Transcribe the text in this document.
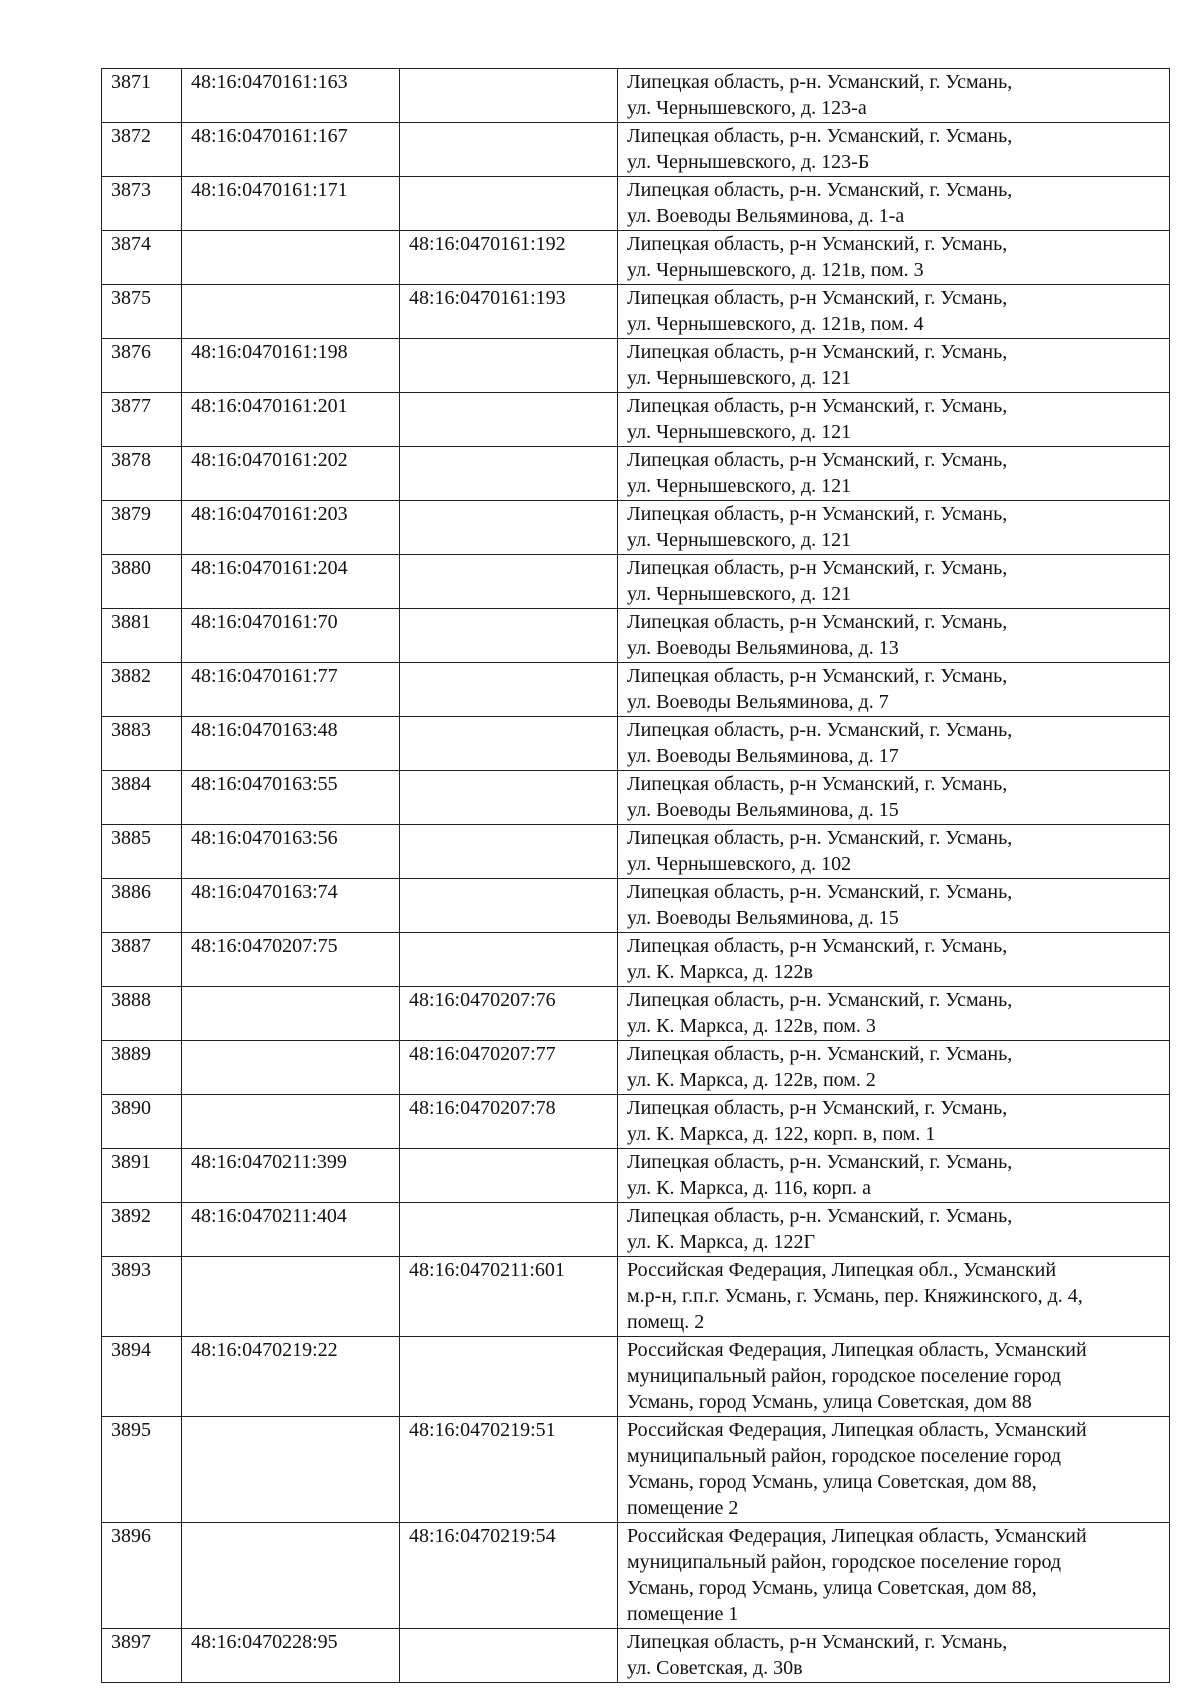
3871	48:16:0470161:163		Липецкая область, р-н. Усманский, г. Усмань,
ул. Чернышевского, д. 123-а
3872	48:16:0470161:167		Липецкая область, р-н. Усманский, г. Усмань,
ул. Чернышевского, д. 123-Б
3873	48:16:0470161:171		Липецкая область, р-н. Усманский, г. Усмань,
ул. Воеводы Вельяминова, д. 1-а
3874		48:16:0470161:192	Липецкая область, р-н Усманский, г. Усмань,
ул. Чернышевского, д. 121в, пом. 3
3875		48:16:0470161:193	Липецкая область, р-н Усманский, г. Усмань,
ул. Чернышевского, д. 121в, пом. 4
3876	48:16:0470161:198		Липецкая область, р-н Усманский, г. Усмань,
ул. Чернышевского, д. 121
3877	48:16:0470161:201		Липецкая область, р-н Усманский, г. Усмань,
ул. Чернышевского, д. 121
3878	48:16:0470161:202		Липецкая область, р-н Усманский, г. Усмань,
ул. Чернышевского, д. 121
3879	48:16:0470161:203		Липецкая область, р-н Усманский, г. Усмань,
ул. Чернышевского, д. 121
3880	48:16:0470161:204		Липецкая область, р-н Усманский, г. Усмань,
ул. Чернышевского, д. 121
3881	48:16:0470161:70		Липецкая область, р-н Усманский, г. Усмань,
ул. Воеводы Вельяминова, д. 13
3882	48:16:0470161:77		Липецкая область, р-н Усманский, г. Усмань,
ул. Воеводы Вельяминова, д. 7
3883	48:16:0470163:48		Липецкая область, р-н. Усманский, г. Усмань,
ул. Воеводы Вельяминова, д. 17
3884	48:16:0470163:55		Липецкая область, р-н Усманский, г. Усмань,
ул. Воеводы Вельяминова, д. 15
3885	48:16:0470163:56		Липецкая область, р-н. Усманский, г. Усмань,
ул. Чернышевского, д. 102
3886	48:16:0470163:74		Липецкая область, р-н. Усманский, г. Усмань,
ул. Воеводы Вельяминова, д. 15
3887	48:16:0470207:75		Липецкая область, р-н Усманский, г. Усмань,
ул. К. Маркса, д. 122в
3888		48:16:0470207:76	Липецкая область, р-н. Усманский, г. Усмань,
ул. К. Маркса, д. 122в, пом. 3
3889		48:16:0470207:77	Липецкая область, р-н. Усманский, г. Усмань,
ул. К. Маркса, д. 122в, пом. 2
3890		48:16:0470207:78	Липецкая область, р-н Усманский, г. Усмань,
ул. К. Маркса, д. 122, корп. в, пом. 1
3891	48:16:0470211:399		Липецкая область, р-н. Усманский, г. Усмань,
ул. К. Маркса, д. 116, корп. а
3892	48:16:0470211:404		Липецкая область, р-н. Усманский, г. Усмань,
ул. К. Маркса, д. 122Г
3893		48:16:0470211:601	Российская Федерация, Липецкая обл., Усманский
м.р-н, г.п.г. Усмань, г. Усмань, пер. Княжинского, д. 4,
помещ. 2
3894	48:16:0470219:22		Российская Федерация, Липецкая область, Усманский
муниципальный район, городское поселение город
Усмань, город Усмань, улица Советская, дом 88
3895		48:16:0470219:51	Российская Федерация, Липецкая область, Усманский
муниципальный район, городское поселение город
Усмань, город Усмань, улица Советская, дом 88,
помещение 2
3896		48:16:0470219:54	Российская Федерация, Липецкая область, Усманский
муниципальный район, городское поселение город
Усмань, город Усмань, улица Советская, дом 88,
помещение 1
3897	48:16:0470228:95		Липецкая область, р-н Усманский, г. Усмань,
ул. Советская, д. 30в
